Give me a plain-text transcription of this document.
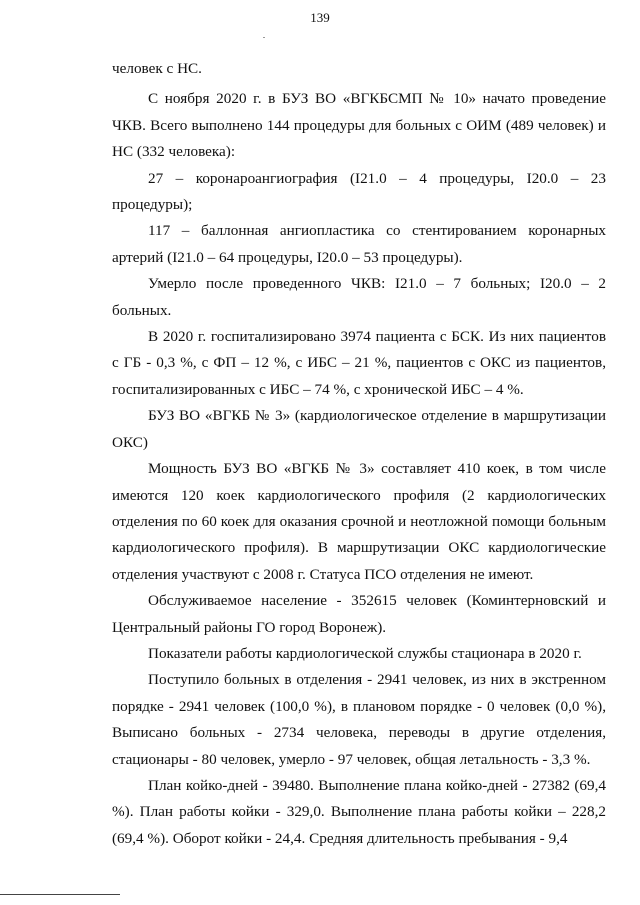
139

человек с НС.

С ноября 2020 г. в БУЗ ВО «ВГКБСМП № 10» начато проведение ЧКВ. Всего выполнено 144 процедуры для больных с ОИМ (489 человек) и НС (332 человека):

27 – коронароангиография (I21.0 – 4 процедуры, I20.0 – 23 процедуры);

117 – баллонная ангиопластика со стентированием коронарных артерий (I21.0 – 64 процедуры, I20.0 – 53 процедуры).

Умерло после проведенного ЧКВ: I21.0 – 7 больных; I20.0 – 2 больных.

В 2020 г. госпитализировано 3974 пациента с БСК. Из них пациентов с ГБ - 0,3 %, с ФП – 12 %, с ИБС – 21 %, пациентов с ОКС из пациентов, госпитализированных с ИБС – 74 %, с хронической ИБС – 4 %.

БУЗ ВО «ВГКБ № 3» (кардиологическое отделение в маршрутизации ОКС)

Мощность БУЗ ВО «ВГКБ № 3» составляет 410 коек, в том числе имеются 120 коек кардиологического профиля (2 кардиологических отделения по 60 коек для оказания срочной и неотложной помощи больным кардиологического профиля). В маршрутизации ОКС кардиологические отделения участвуют с 2008 г. Статуса ПСО отделения не имеют.

Обслуживаемое население - 352615 человек (Коминтерновский и Центральный районы ГО город Воронеж).

Показатели работы кардиологической службы стационара в 2020 г.

Поступило больных в отделения - 2941 человек, из них в экстренном порядке - 2941 человек (100,0 %), в плановом порядке - 0 человек (0,0 %), Выписано больных - 2734 человека, переводы в другие отделения, стационары - 80 человек, умерло - 97 человек, общая летальность - 3,3 %.

План койко-дней - 39480. Выполнение плана койко-дней - 27382 (69,4 %). План работы койки - 329,0. Выполнение плана работы койки – 228,2 (69,4 %). Оборот койки - 24,4. Средняя длительность пребывания - 9,4
